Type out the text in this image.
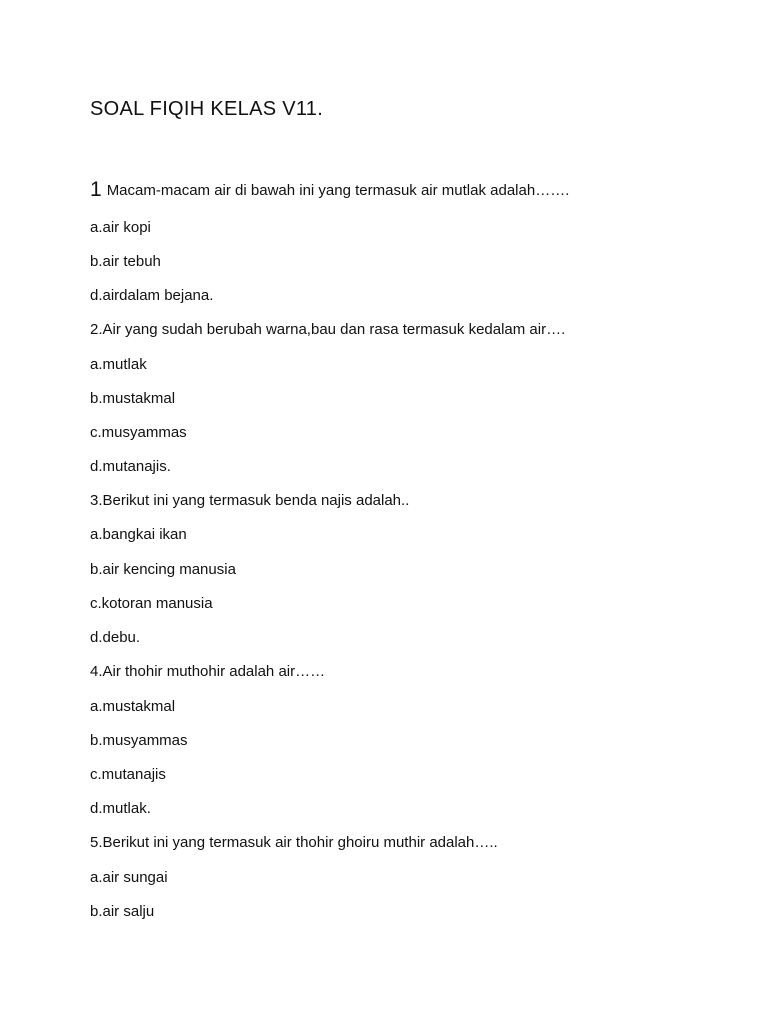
SOAL FIQIH KELAS V11.
1 Macam-macam air di bawah ini yang termasuk air mutlak adalah…….
a.air kopi
b.air tebuh
d.airdalam bejana.
2.Air yang sudah berubah warna,bau dan rasa termasuk kedalam air….
a.mutlak
b.mustakmal
c.musyammas
d.mutanajis.
3.Berikut ini yang termasuk benda najis adalah..
a.bangkai ikan
b.air kencing manusia
c.kotoran manusia
d.debu.
4.Air thohir muthohir adalah air……
a.mustakmal
b.musyammas
c.mutanajis
d.mutlak.
5.Berikut ini yang termasuk air thohir ghoiru muthir adalah…..
a.air sungai
b.air salju
